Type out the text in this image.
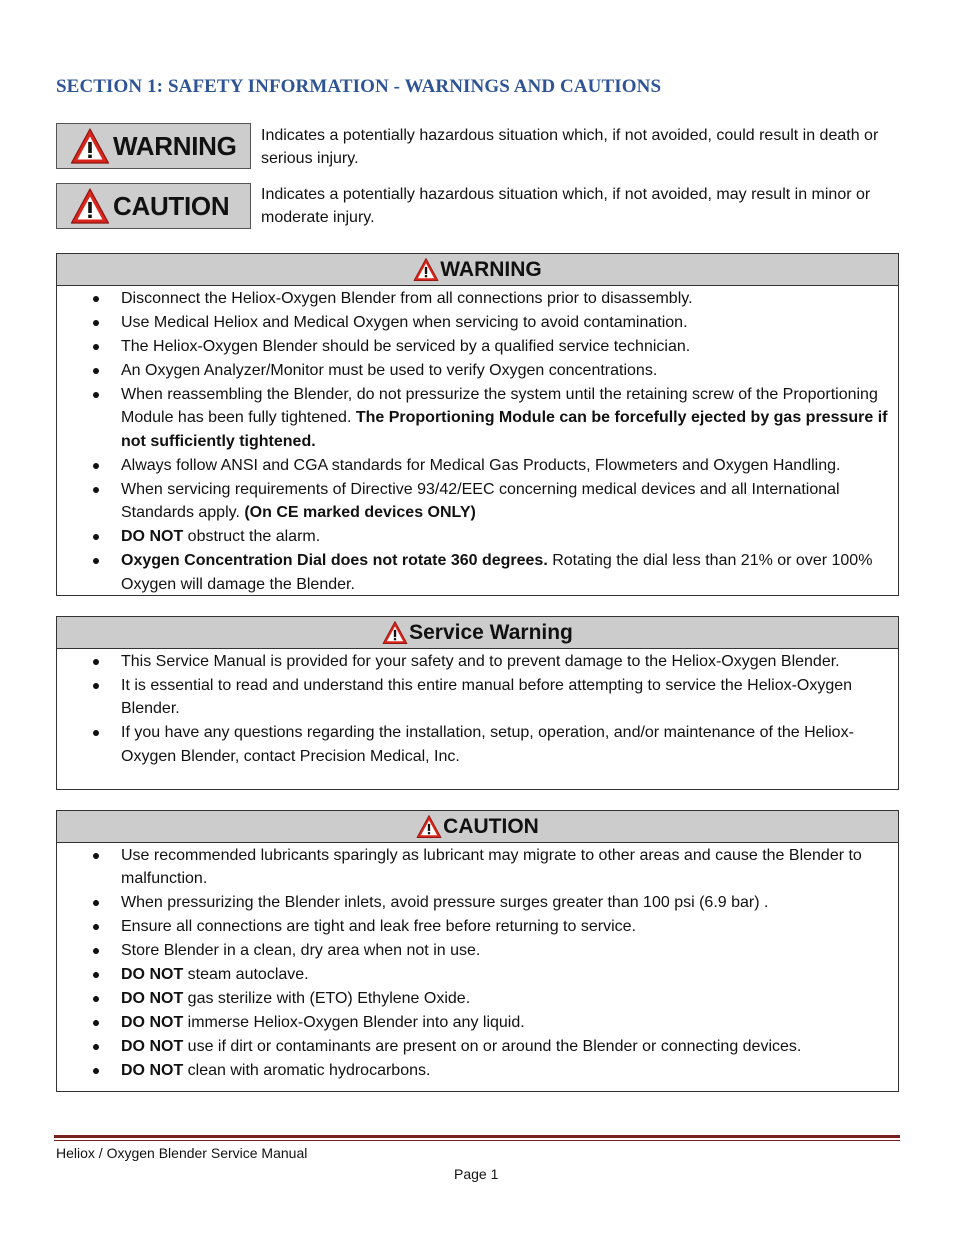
SECTION 1: SAFETY INFORMATION - WARNINGS AND CAUTIONS
WARNING Indicates a potentially hazardous situation which, if not avoided, could result in death or serious injury.
CAUTION Indicates a potentially hazardous situation which, if not avoided, may result in minor or moderate injury.
WARNING
Disconnect the Heliox-Oxygen Blender from all connections prior to disassembly.
Use Medical Heliox and Medical Oxygen when servicing to avoid contamination.
The Heliox-Oxygen Blender should be serviced by a qualified service technician.
An Oxygen Analyzer/Monitor must be used to verify Oxygen concentrations.
When reassembling the Blender, do not pressurize the system until the retaining screw of the Proportioning Module has been fully tightened. The Proportioning Module can be forcefully ejected by gas pressure if not sufficiently tightened.
Always follow ANSI and CGA standards for Medical Gas Products, Flowmeters and Oxygen Handling.
When servicing requirements of Directive 93/42/EEC concerning medical devices and all International Standards apply. (On CE marked devices ONLY)
DO NOT obstruct the alarm.
Oxygen Concentration Dial does not rotate 360 degrees. Rotating the dial less than 21% or over 100% Oxygen will damage the Blender.
Service Warning
This Service Manual is provided for your safety and to prevent damage to the Heliox-Oxygen Blender.
It is essential to read and understand this entire manual before attempting to service the Heliox-Oxygen Blender.
If you have any questions regarding the installation, setup, operation, and/or maintenance of the Heliox-Oxygen Blender, contact Precision Medical, Inc.
CAUTION
Use recommended lubricants sparingly as lubricant may migrate to other areas and cause the Blender to malfunction.
When pressurizing the Blender inlets, avoid pressure surges greater than 100 psi (6.9 bar) .
Ensure all connections are tight and leak free before returning to service.
Store Blender in a clean, dry area when not in use.
DO NOT steam autoclave.
DO NOT gas sterilize with (ETO) Ethylene Oxide.
DO NOT immerse Heliox-Oxygen Blender into any liquid.
DO NOT use if dirt or contaminants are present on or around the Blender or connecting devices.
DO NOT clean with aromatic hydrocarbons.
Heliox / Oxygen Blender Service Manual
Page 1
